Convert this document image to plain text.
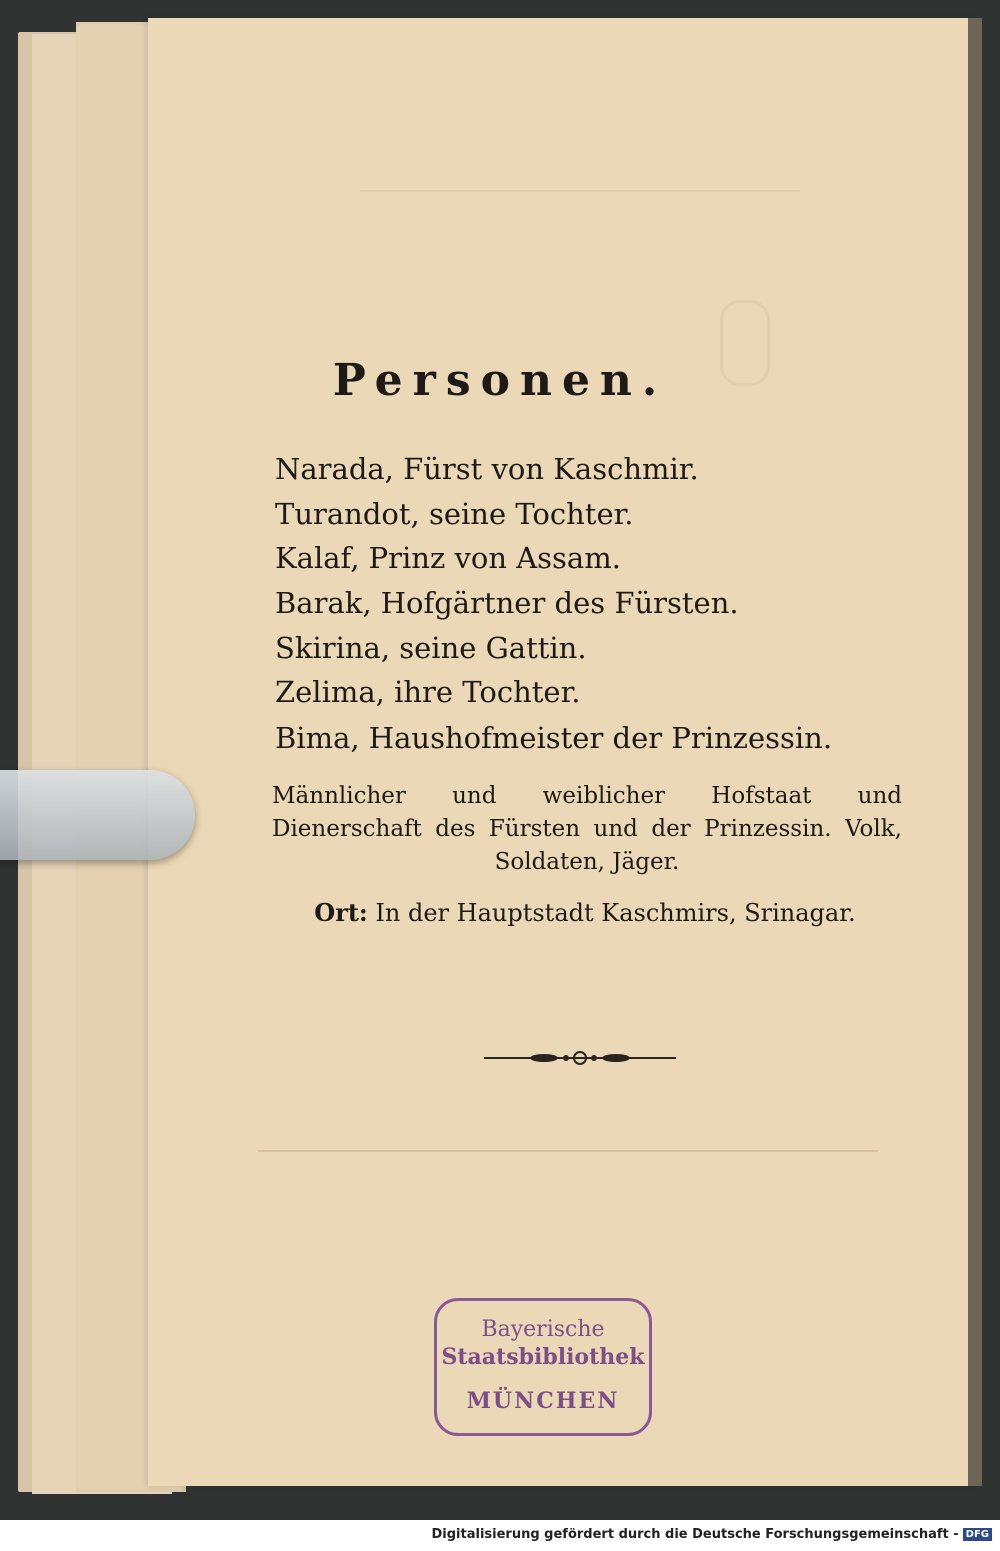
Personen.
Narada, Fürst von Kaschmir.
Turandot, seine Tochter.
Kalaf, Prinz von Assam.
Barak, Hofgärtner des Fürsten.
Skirina, seine Gattin.
Zelima, ihre Tochter.
Bima, Haushofmeister der Prinzessin.
Männlicher und weiblicher Hofstaat und Dienerschaft des Fürsten und der Prinzessin. Volk, Soldaten, Jäger.
Ort: In der Hauptstadt Kaschmirs, Srinagar.
Bayerische
Staatsbibliothek
MÜNCHEN
Digitalisierung gefördert durch die Deutsche Forschungsgemeinschaft - DFG
